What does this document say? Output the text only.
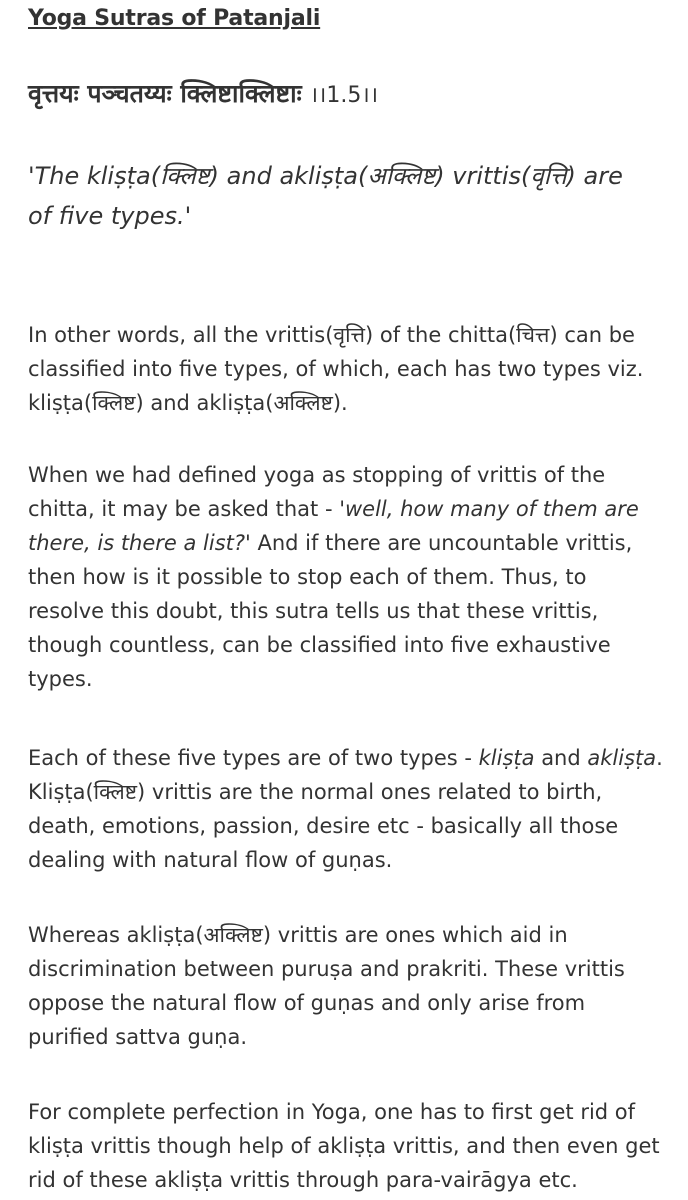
Yoga Sutras of Patanjali
वृत्तयः पञ्चतय्यः क्लिष्टाक्लिष्टाः ।।1.5।।
'The kliṣṭa(क्लिष्ट) and akliṣṭa(अक्लिष्ट) vrittis(वृत्ति) are of five types.'

In other words, all the vrittis(वृत्ति) of the chitta(चित्त) can be classified into five types, of which, each has two types viz. kliṣṭa(क्लिष्ट) and akliṣṭa(अक्लिष्ट).

When we had defined yoga as stopping of vrittis of the chitta, it may be asked that - 'well, how many of them are there, is there a list?' And if there are uncountable vrittis, then how is it possible to stop each of them. Thus, to resolve this doubt, this sutra tells us that these vrittis, though countless, can be classified into five exhaustive types.

Each of these five types are of two types - kliṣṭa and akliṣṭa. Kliṣṭa(क्लिष्ट) vrittis are the normal ones related to birth, death, emotions, passion, desire etc - basically all those dealing with natural flow of guṇas.

Whereas akliṣṭa(अक्लिष्ट) vrittis are ones which aid in discrimination between puruṣa and prakriti. These vrittis oppose the natural flow of guṇas and only arise from purified sattva guṇa.

For complete perfection in Yoga, one has to first get rid of kliṣṭa vrittis though help of akliṣṭa vrittis, and then even get rid of these akliṣṭa vrittis through para-vairāgya etc.
